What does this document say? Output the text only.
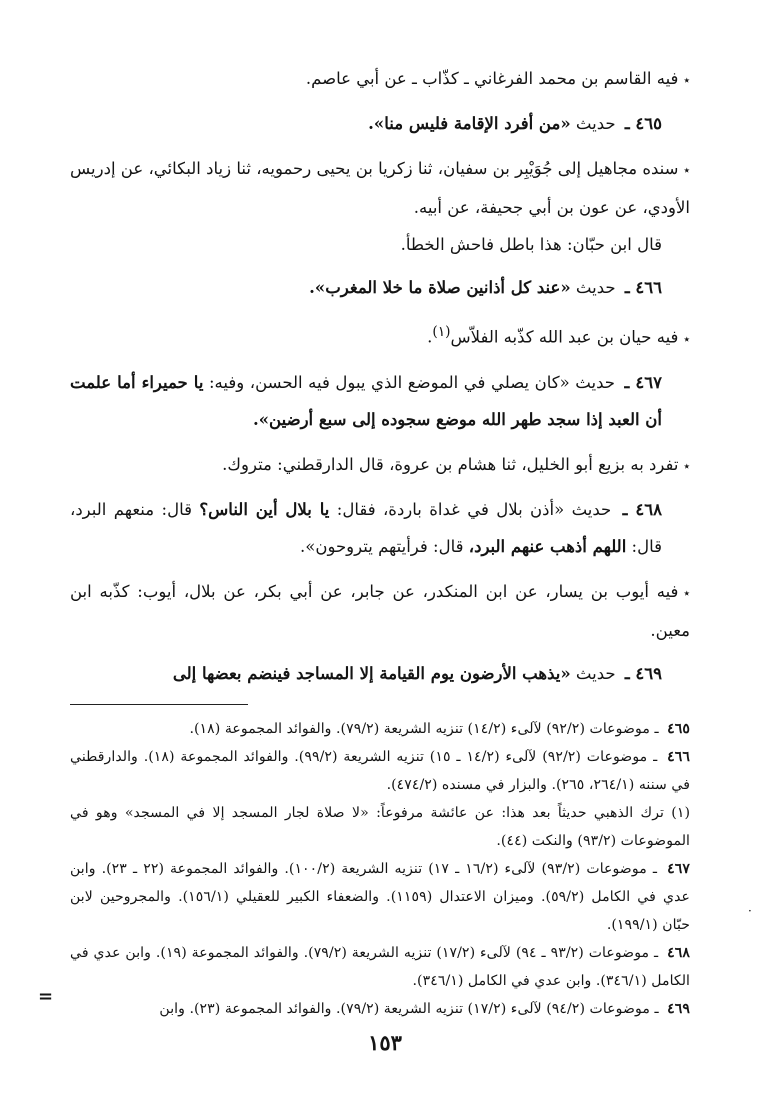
٭فيه القاسم بن محمد الفرغاني ـ كذّاب ـ عن أبي عاصم.

٤٦٥ ـ حديث «من أفرد الإقامة فليس منا».

٭سنده مجاهيل إلى جُوَيْبِر بن سفيان، ثنا زكريا بن يحيى رحمويه، ثنا زياد البكائي، عن إدريس الأودي، عن عون بن أبي جحيفة، عن أبيه.

قال ابن حبّان: هذا باطل فاحش الخطأ.

٤٦٦ ـ حديث «عند كل أذانين صلاة ما خلا المغرب».

٭فيه حيان بن عبد الله كذّبه الفلاّس$^{(١)}$.

٤٦٧ ـ حديث «كان يصلي في الموضع الذي يبول فيه الحسن، وفيه: يا حميراء أما علمت أن العبد إذا سجد طهر الله موضع سجوده إلى سبع أرضين».

٭تفرد به بزيع أبو الخليل، ثنا هشام بن عروة، قال الدارقطني: متروك.

٤٦٨ ـ حديث «أذن بلال في غداة باردة، فقال: يا بلال أين الناس؟ قال: منعهم البرد، قال: اللهم أذهب عنهم البرد، قال: فرأيتهم يتروحون».

٭فيه أيوب بن يسار، عن ابن المنكدر، عن جابر، عن أبي بكر، عن بلال، أيوب: كذّبه ابن معين.

٤٦٩ ـ حديث «يذهب الأرضون يوم القيامة إلا المساجد فينضم بعضها إلى

٤٦٥ ـ موضوعات (٩٢/٢) لآلىء (١٤/٢) تنزيه الشريعة (٧٩/٢). والفوائد المجموعة (١٨).

٤٦٦ ـ موضوعات (٩٢/٢) لآلىء (١٤/٢ ـ ١٥) تنزيه الشريعة (٩٩/٢). والفوائد المجموعة (١٨). والدارقطني في سننه (٢٦٤/١، ٢٦٥). والبزار في مسنده (٤٧٤/٢).

(١) ترك الذهبي حديثاً بعد هذا: عن عائشة مرفوعاً: «لا صلاة لجار المسجد إلا في المسجد» وهو في الموضوعات (٩٣/٢) والنكت (٤٤).

٤٦٧ ـ موضوعات (٩٣/٢) لآلىء (١٦/٢ ـ ١٧) تنزيه الشريعة (١٠٠/٢). والفوائد المجموعة (٢٢ ـ ٢٣). وابن عدي في الكامل (٥٩/٢). وميزان الاعتدال (١١٥٩). والضعفاء الكبير للعقيلي (١٥٦/١). والمجروحين لابن حبّان (١٩٩/١).

٤٦٨ ـ موضوعات (٩٣/٢ ـ ٩٤) لآلىء (١٧/٢) تنزيه الشريعة (٧٩/٢). والفوائد المجموعة (١٩). وابن عدي في الكامل (٣٤٦/١). وابن عدي في الكامل (٣٤٦/١).

٤٦٩ ـ موضوعات (٩٤/٢) لآلىء (١٧/٢) تنزيه الشريعة (٧٩/٢). والفوائد المجموعة (٢٣). وابن

=
·
١٥٣
